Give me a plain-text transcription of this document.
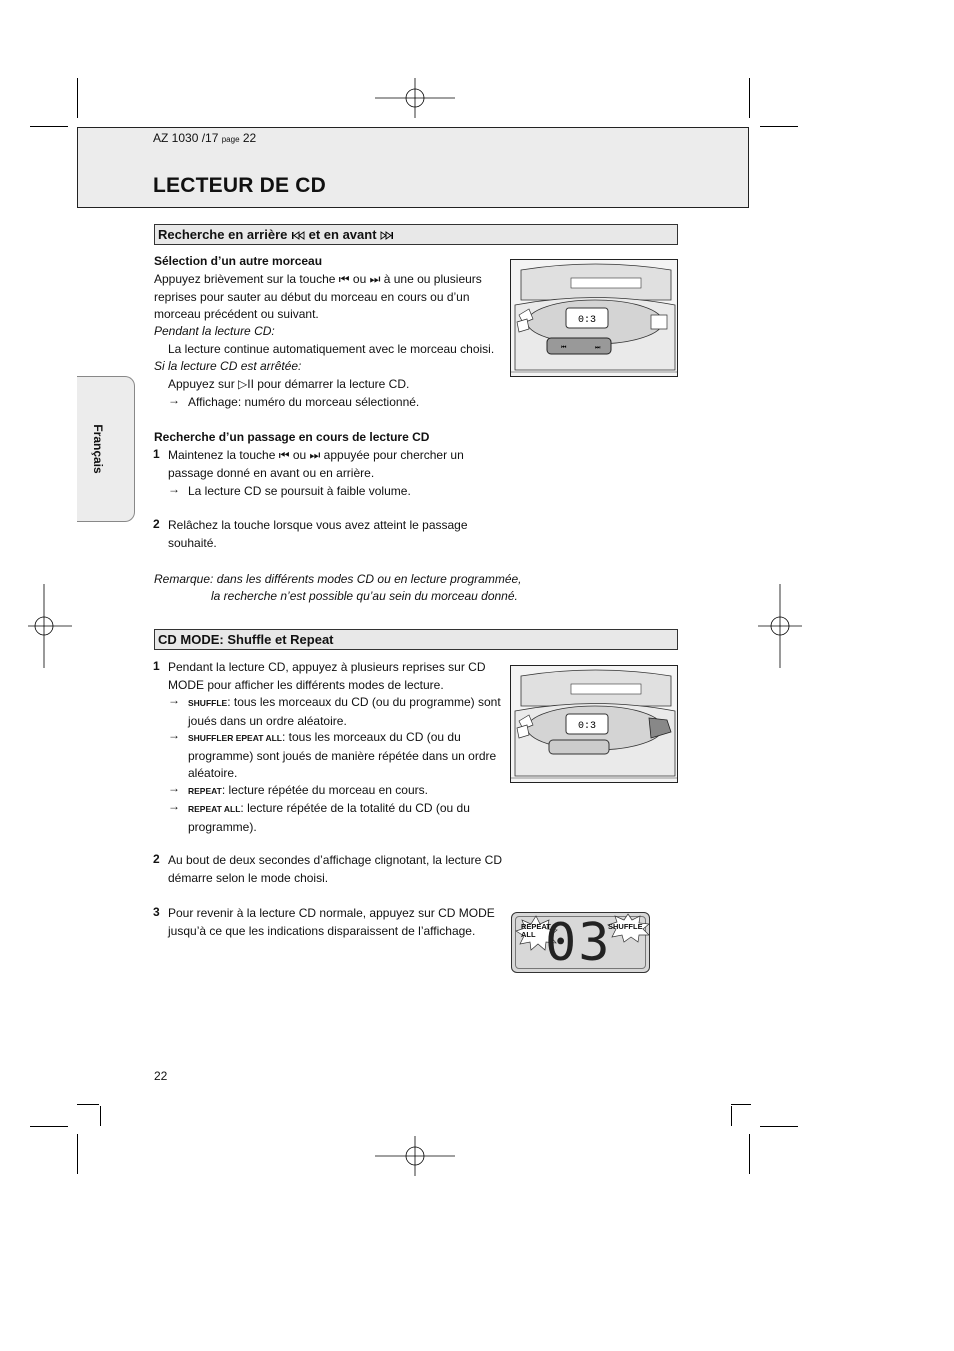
AZ 1030 /17 page 22
LECTEUR DE CD
Français
Recherche en arrière et en avant
Sélection d’un autre morceau
Appuyez brièvement sur la touche ⏮ ou ⏭ à une ou plusieurs
reprises pour sauter au début du morceau en cours ou d’un
morceau précédent ou suivant.
Pendant la lecture CD:
La lecture continue automatiquement avec le morceau choisi.
Si la lecture CD est arrêtée:
Appuyez sur ▷II pour démarrer la lecture CD.
→ Affichage: numéro du morceau sélectionné.
Recherche d’un passage en cours de lecture CD
1 Maintenez la touche ⏮ ou ⏭ appuyée pour chercher un
passage donné en avant ou en arrière.
→ La lecture CD se poursuit à faible volume.
2 Relâchez la touche lorsque vous avez atteint le passage
souhaité.
Remarque: dans les différents modes CD ou en lecture programmée,
la recherche n’est possible qu’au sein du morceau donné.
0:3
⏮	⏭
CD MODE: Shuffle et Repeat
1 Pendant la lecture CD, appuyez à plusieurs reprises sur CD
MODE pour afficher les différents modes de lecture.
→ SHUFFLE: tous les morceaux du CD (ou du programme) sont
joués dans un ordre aléatoire.
→ SHUFFLER EPEAT ALL: tous les morceaux du CD (ou du
programme) sont joués de manière répétée dans un ordre
aléatoire.
→ REPEAT: lecture répétée du morceau en cours.
→ REPEAT ALL: lecture répétée de la totalité du CD (ou du
programme).
2 Au bout de deux secondes d’affichage clignotant, la lecture CD
démarre selon le mode choisi.
3 Pour revenir à la lecture CD normale, appuyez sur CD MODE
jusqu’à ce que les indications disparaissent de l’affichage.
0:3
REPEAT
ALL
SHUFFLE
03
22
